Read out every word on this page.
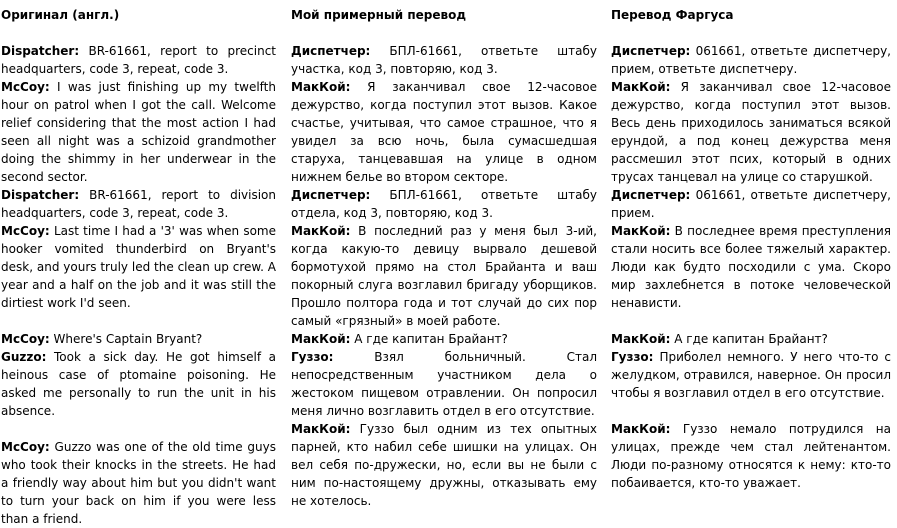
Оригинал (англ.)

Dispatcher: BR-61661, report to precinct headquarters, code 3, repeat, code 3.

McCoy: I was just finishing up my twelfth hour on patrol when I got the call. Welcome relief considering that the most action I had seen all night was a schizoid grandmother doing the shimmy in her underwear in the second sector.

Dispatcher: BR-61661, report to division headquarters, code 3, repeat, code 3.

McCoy: Last time I had a '3' was when some hooker vomited thunderbird on Bryant's desk, and yours truly led the clean up crew. A year and a half on the job and it was still the dirtiest work I'd seen.

McCoy: Where's Captain Bryant?

Guzzo: Took a sick day. He got himself a heinous case of ptomaine poisoning. He asked me personally to run the unit in his absence.

McCoy: Guzzo was one of the old time guys who took their knocks in the streets. He had a friendly way about him but you didn't want to turn your back on him if you were less than a friend.

Мой примерный перевод

Диспетчер: БПЛ-61661, ответьте штабу участка, код 3, повторяю, код 3.

МакКой: Я заканчивал свое 12-часовое дежурство, когда поступил этот вызов. Какое счастье, учитывая, что самое страшное, что я увидел за всю ночь, была сумасшедшая старуха, танцевавшая на улице в одном нижнем белье во втором секторе.

Диспетчер: БПЛ-61661, ответьте штабу отдела, код 3, повторяю, код 3.

МакКой: В последний раз у меня был 3-ий, когда какую-то девицу вырвало дешевой бормотухой прямо на стол Брайанта и ваш покорный слуга возглавил бригаду уборщиков. Прошло полтора года и тот случай до сих пор самый «грязный» в моей работе.

МакКой: А где капитан Брайант?

Гуззо: Взял больничный. Стал непосредственным участником дела о жестоком пищевом отравлении. Он попросил меня лично возглавить отдел в его отсутствие.

МакКой: Гуззо был одним из тех опытных парней, кто набил себе шишки на улицах. Он вел себя по-дружески, но, если вы не были с ним по-настоящему дружны, отказывать ему не хотелось.

Перевод Фаргуса

Диспетчер: 061661, ответьте диспетчеру, прием, ответьте диспетчеру.

МакКой: Я заканчивал свое 12-часовое дежурство, когда поступил этот вызов. Весь день приходилось заниматься всякой ерундой, а под конец дежурства меня рассмешил этот псих, который в одних трусах танцевал на улице со старушкой.

Диспетчер: 061661, ответьте диспетчеру, прием.

МакКой: В последнее время преступления стали носить все более тяжелый характер. Люди как будто посходили с ума. Скоро мир захлебнется в потоке человеческой ненависти.

МакКой: А где капитан Брайант?

Гуззо: Приболел немного. У него что-то с желудком, отравился, наверное. Он просил чтобы я возглавил отдел в его отсутствие.

МакКой: Гуззо немало потрудился на улицах, прежде чем стал лейтенантом. Люди по-разному относятся к нему: кто-то побаивается, кто-то уважает.
